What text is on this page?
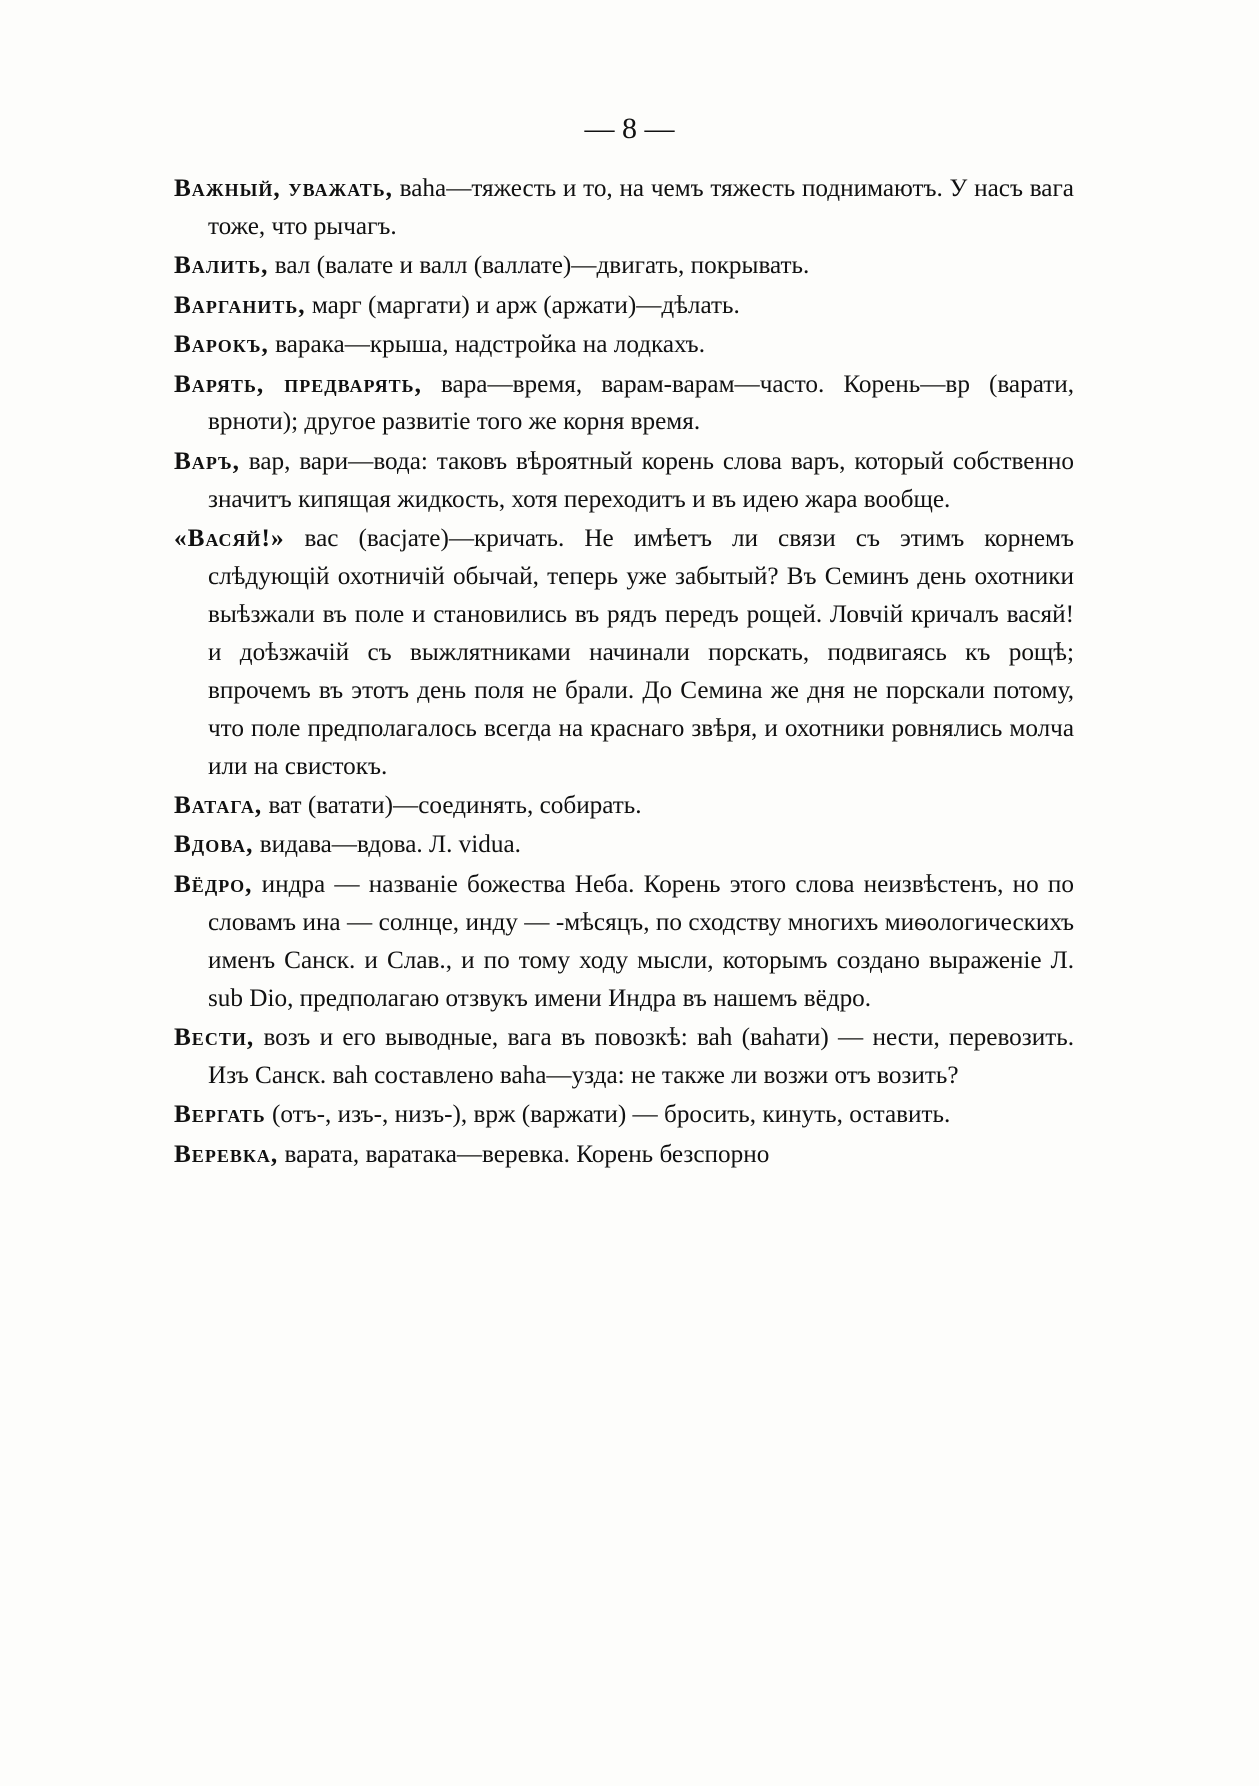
— 8 —

Важный, уважать, ваhа—тяжесть и то, на чемъ тяжесть поднимаютъ. У насъ вага тоже, что рычагъ.

Валить, вал (валате и валл (валлате)—двигать, покрывать.

Варганить, марг (маргати) и арж (аржати)—дѣлать.

Варокъ, варака—крыша, надстройка на лодкахъ.

Варять, предварять, вара—время, варам-варам—часто. Корень—вр (варати, врноти); другое развитіе того же корня время.

Варъ, вар, вари—вода: таковъ вѣроятный корень слова варъ, который собственно значитъ кипящая жидкость, хотя переходитъ и въ идею жара вообще.

«Васяй!» вас (васјате)—кричать. Не имѣетъ ли связи съ этимъ корнемъ слѣдующій охотничій обычай, теперь уже забытый? Въ Семинъ день охотники выѣзжали въ поле и становились въ рядъ передъ рощей. Ловчій кричалъ васяй! и доѣзжачій съ выжлятниками начинали порскать, подвигаясь къ рощѣ; впрочемъ въ этотъ день поля не брали. До Семина же дня не порскали потому, что поле предполагалось всегда на краснаго звѣря, и охотники ровнялись молча или на свистокъ.

Ватага, ват (ватати)—соединять, собирать.

Вдова, видава—вдова. Л. vidua.

Вёдро, индра — названіе божества Неба. Корень этого слова неизвѣстенъ, но по словамъ ина — солнце, инду — -мѣсяцъ, по сходству многихъ миѳологическихъ именъ Санск. и Слав., и по тому ходу мысли, которымъ создано выраженіе Л. sub Dio, предполагаю отзвукъ имени Индра въ нашемъ вёдро.

Вести, возъ и его выводные, вага въ повозкѣ: ваh (ваhати) — нести, перевозить. Изъ Санск. ваh составлено ваhа—узда: не также ли возжи отъ возить?

Вергать (отъ-, изъ-, низъ-), врж (варжати) — бросить, кинуть, оставить.

Веревка, варата, варатака—веревка. Корень безспорно
